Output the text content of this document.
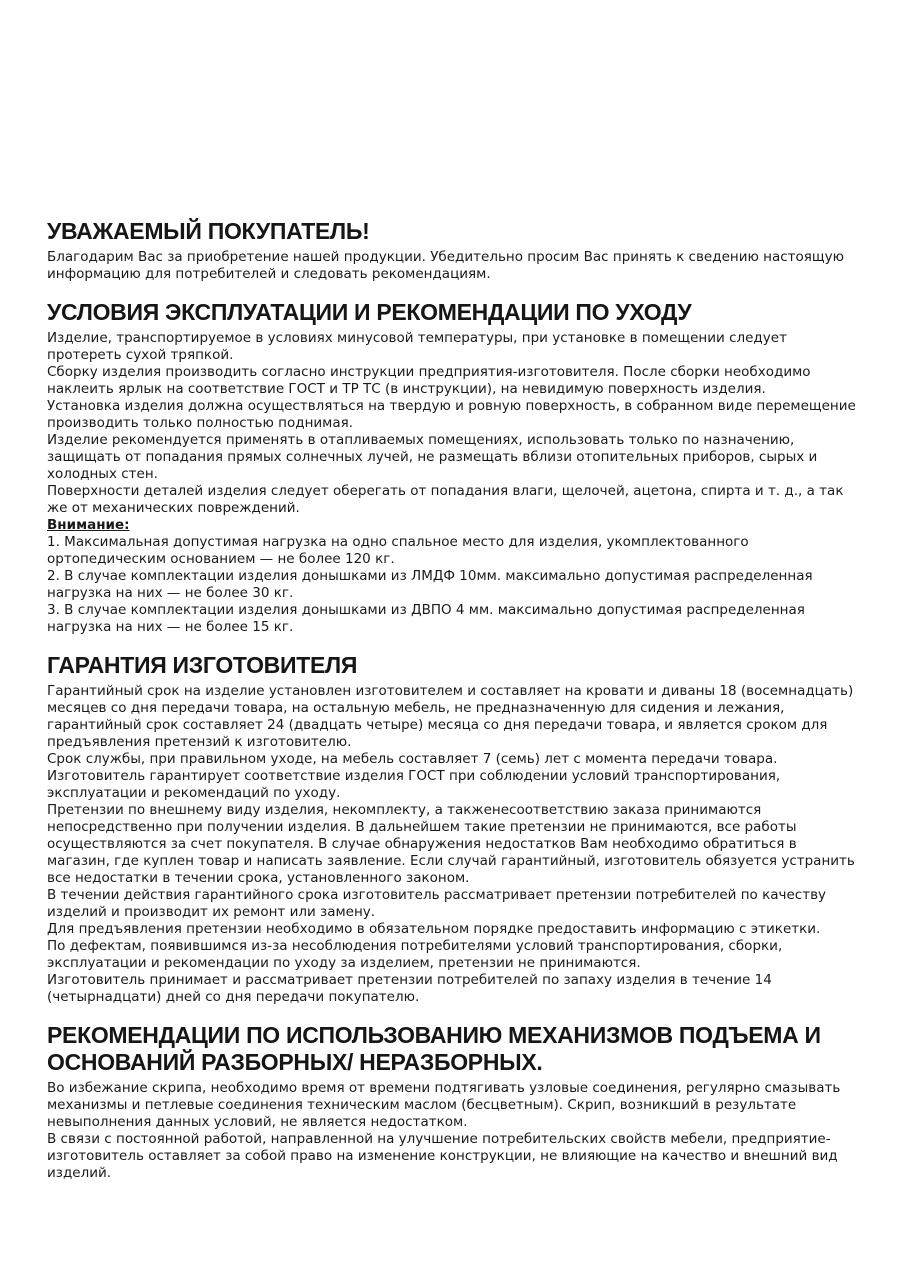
УВАЖАЕМЫЙ ПОКУПАТЕЛЬ!

Благодарим Вас за приобретение нашей продукции. Убедительно просим Вас принять к сведению настоящую информацию для потребителей и следовать рекомендациям.

УСЛОВИЯ ЭКСПЛУАТАЦИИ И РЕКОМЕНДАЦИИ ПО УХОДУ

Изделие, транспортируемое в условиях минусовой температуры, при установке в помещении следует протереть сухой тряпкой.

Сборку изделия производить согласно инструкции предприятия-изготовителя. После сборки необходимо наклеить ярлык на соответствие ГОСТ и ТР ТС (в инструкции), на невидимую поверхность изделия.

Установка изделия должна осуществляться на твердую и ровную поверхность, в собранном виде перемещение производить только полностью поднимая.

Изделие рекомендуется применять в отапливаемых помещениях, использовать только по назначению, защищать от попадания прямых солнечных лучей, не размещать вблизи отопительных приборов, сырых и холодных стен.

Поверхности деталей изделия следует оберегать от попадания влаги, щелочей, ацетона, спирта и т. д., а так же от механических повреждений.

Внимание:

1. Максимальная допустимая нагрузка на одно спальное место для изделия, укомплектованного ортопедическим основанием — не более 120 кг.

2. В случае комплектации изделия донышками из ЛМДФ 10мм. максимально допустимая распределенная нагрузка на них — не более 30 кг.

3. В случае комплектации изделия донышками из ДВПО 4 мм. максимально допустимая распределенная нагрузка на них — не более 15 кг.

ГАРАНТИЯ ИЗГОТОВИТЕЛЯ

Гарантийный срок на изделие установлен изготовителем и составляет на кровати и диваны 18 (восемнадцать) месяцев со дня передачи товара, на остальную мебель, не предназначенную для сидения и лежания, гарантийный срок составляет 24 (двадцать четыре) месяца со дня передачи товара, и является сроком для предъявления претензий к изготовителю.

Срок службы, при правильном уходе, на мебель составляет 7 (семь) лет с момента передачи товара.

Изготовитель гарантирует соответствие изделия ГОСТ при соблюдении условий транспортирования, эксплуатации и рекомендаций по уходу.

Претензии по внешнему виду изделия, некомплекту, а такженесоответствию заказа принимаются непосредственно при получении изделия. В дальнейшем такие претензии не принимаются, все работы осуществляются за счет покупателя. В случае обнаружения недостатков Вам необходимо обратиться в магазин, где куплен товар и написать заявление. Если случай гарантийный, изготовитель обязуется устранить все недостатки в течении срока, установленного законом.

В течении действия гарантийного срока изготовитель рассматривает претензии потребителей по качеству изделий и производит их ремонт или замену.

Для предъявления претензии необходимо в обязательном порядке предоставить информацию с этикетки.

По дефектам, появившимся из-за несоблюдения потребителями условий транспортирования, сборки, эксплуатации и рекомендации по уходу за изделием, претензии не принимаются.

Изготовитель принимает и рассматривает претензии потребителей по запаху изделия в течение 14 (четырнадцати) дней со дня передачи покупателю.

РЕКОМЕНДАЦИИ ПО ИСПОЛЬЗОВАНИЮ МЕХАНИЗМОВ ПОДЪЕМА И ОСНОВАНИЙ РАЗБОРНЫХ/ НЕРАЗБОРНЫХ.

Во избежание скрипа, необходимо время от времени подтягивать узловые соединения, регулярно смазывать механизмы и петлевые соединения техническим маслом (бесцветным). Скрип, возникший в результате невыполнения данных условий, не является недостатком.

В связи с постоянной работой, направленной на улучшение потребительских свойств мебели, предприятие-изготовитель оставляет за собой право на изменение конструкции, не влияющие на качество и внешний вид изделий.
